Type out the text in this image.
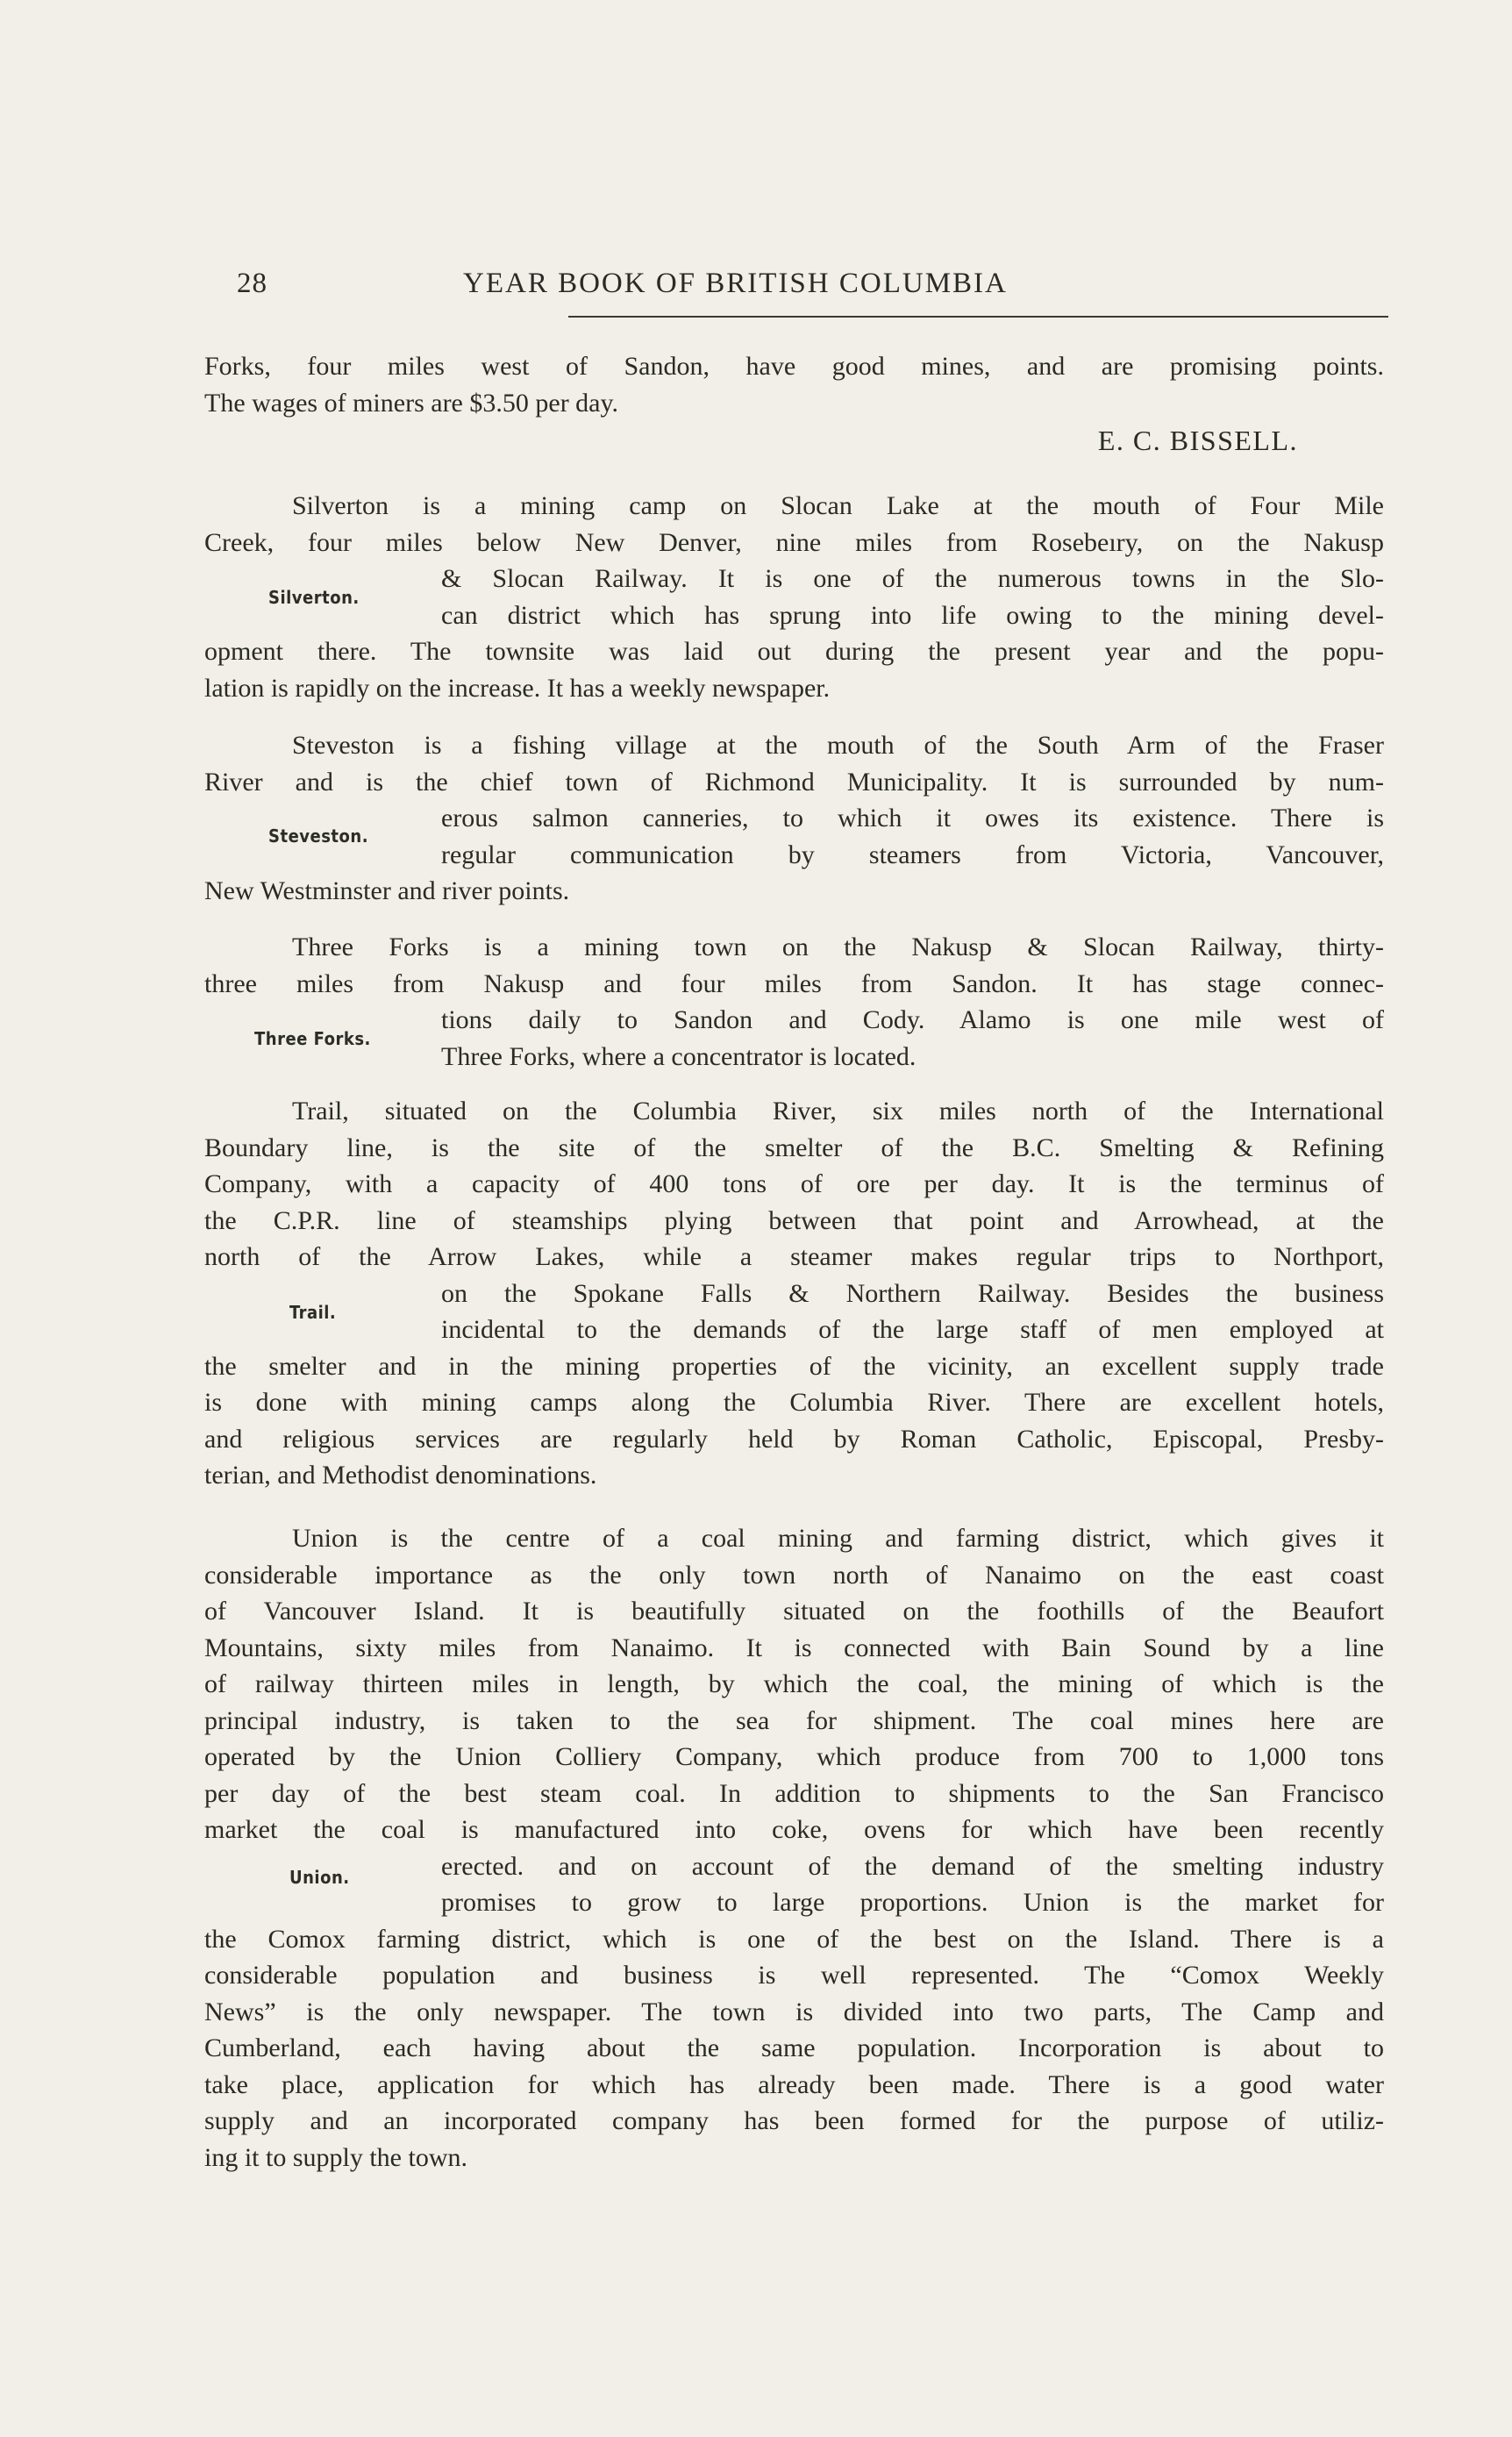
28	YEAR BOOK OF BRITISH COLUMBIA
Forks, four miles west of Sandon, have good mines, and are promising points.
The wages of miners are $3.50 per day.
E. C. BISSELL.
Silverton is a mining camp on Slocan Lake at the mouth of Four Mile
Creek, four miles below New Denver, nine miles from Rosebeıry, on the Nakusp
& Slocan Railway. It is one of the numerous towns in the Slo-
can district which has sprung into life owing to the mining devel-
opment there. The townsite was laid out during the present year and the popu-
lation is rapidly on the increase. It has a weekly newspaper.
Silverton.
Steveston is a fishing village at the mouth of the South Arm of the Fraser
River and is the chief town of Richmond Municipality. It is surrounded by num-
erous salmon canneries, to which it owes its existence. There is
regular communication by steamers from Victoria, Vancouver,
New Westminster and river points.
Steveston.
Three Forks is a mining town on the Nakusp & Slocan Railway, thirty-
three miles from Nakusp and four miles from Sandon. It has stage connec-
tions daily to Sandon and Cody. Alamo is one mile west of
Three Forks, where a concentrator is located.
Three Forks.
Trail, situated on the Columbia River, six miles north of the International
Boundary line, is the site of the smelter of the B.C. Smelting & Refining
Company, with a capacity of 400 tons of ore per day. It is the terminus of
the C.P.R. line of steamships plying between that point and Arrowhead, at the
north of the Arrow Lakes, while a steamer makes regular trips to Northport,
on the Spokane Falls & Northern Railway. Besides the business
incidental to the demands of the large staff of men employed at
the smelter and in the mining properties of the vicinity, an excellent supply trade
is done with mining camps along the Columbia River. There are excellent hotels,
and religious services are regularly held by Roman Catholic, Episcopal, Presby-
terian, and Methodist denominations.
Trail.
Union is the centre of a coal mining and farming district, which gives it
considerable importance as the only town north of Nanaimo on the east coast
of Vancouver Island. It is beautifully situated on the foothills of the Beaufort
Mountains, sixty miles from Nanaimo. It is connected with Bain Sound by a line
of railway thirteen miles in length, by which the coal, the mining of which is the
principal industry, is taken to the sea for shipment. The coal mines here are
operated by the Union Colliery Company, which produce from 700 to 1,000 tons
per day of the best steam coal. In addition to shipments to the San Francisco
market the coal is manufactured into coke, ovens for which have been recently
erected. and on account of the demand of the smelting industry
promises to grow to large proportions. Union is the market for
the Comox farming district, which is one of the best on the Island. There is a
considerable population and business is well represented. The “Comox Weekly
News” is the only newspaper. The town is divided into two parts, The Camp and
Cumberland, each having about the same population. Incorporation is about to
take place, application for which has already been made. There is a good water
supply and an incorporated company has been formed for the purpose of utiliz-
ing it to supply the town.
Union.
